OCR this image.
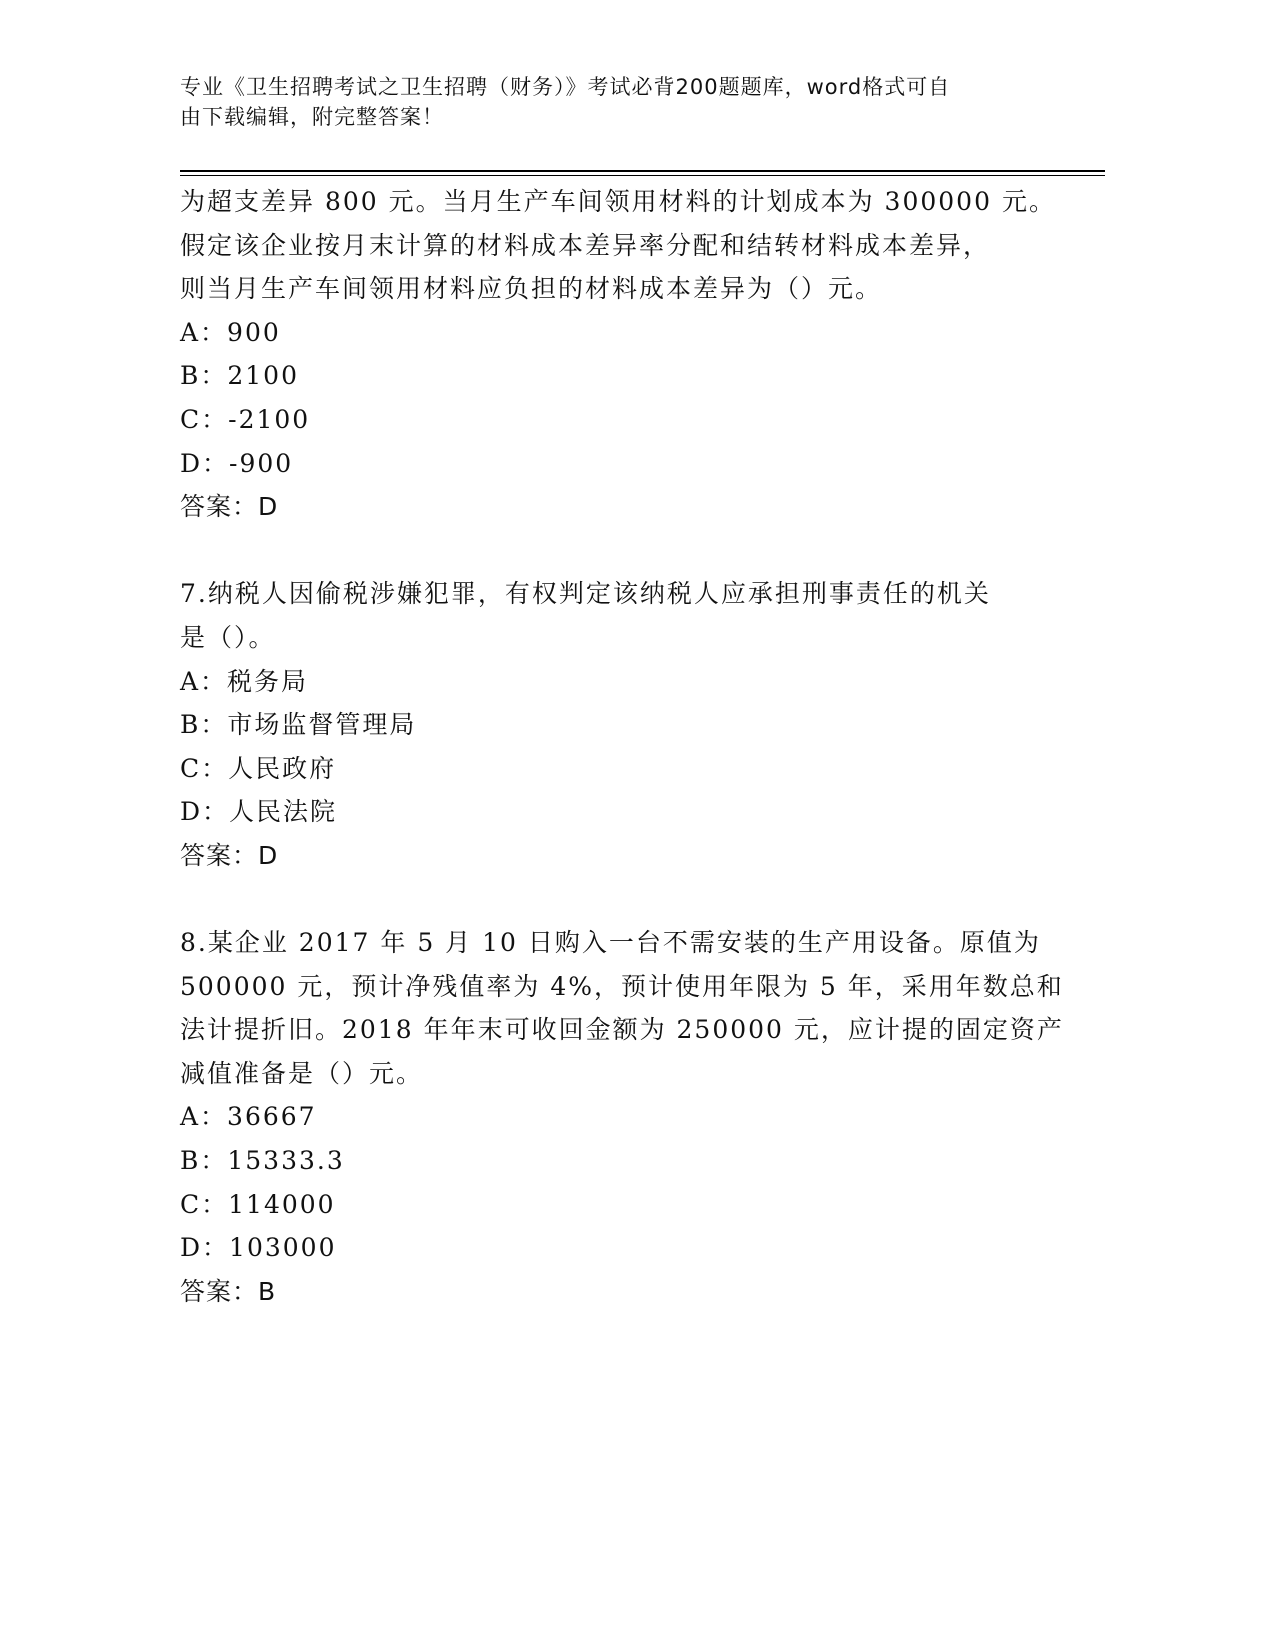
专业《卫生招聘考试之卫生招聘（财务）》考试必背200题题库，word格式可自
由下载编辑，附完整答案！
为超支差异 800 元。当月生产车间领用材料的计划成本为 300000 元。
假定该企业按月末计算的材料成本差异率分配和结转材料成本差异，
则当月生产车间领用材料应负担的材料成本差异为（）元。
A：900
B：2100
C：-2100
D：-900
答案：D
7.纳税人因偷税涉嫌犯罪，有权判定该纳税人应承担刑事责任的机关
是（）。
A：税务局
B：市场监督管理局
C：人民政府
D：人民法院
答案：D
8.某企业 2017 年 5 月 10 日购入一台不需安装的生产用设备。原值为
500000 元，预计净残值率为 4%，预计使用年限为 5 年，采用年数总和
法计提折旧。2018 年年末可收回金额为 250000 元，应计提的固定资产
减值准备是（）元。
A：36667
B：15333.3
C：114000
D：103000
答案：B
